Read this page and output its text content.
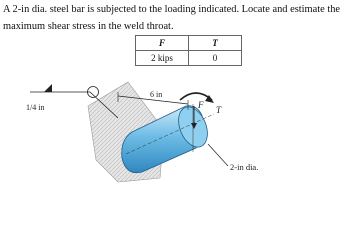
A 2-in dia. steel bar is subjected to the loading indicated. Locate and estimate the maximum shear stress in the weld throat.

F	T
2 kips	0
1/4 in
6 in
F T
2-in dia.
